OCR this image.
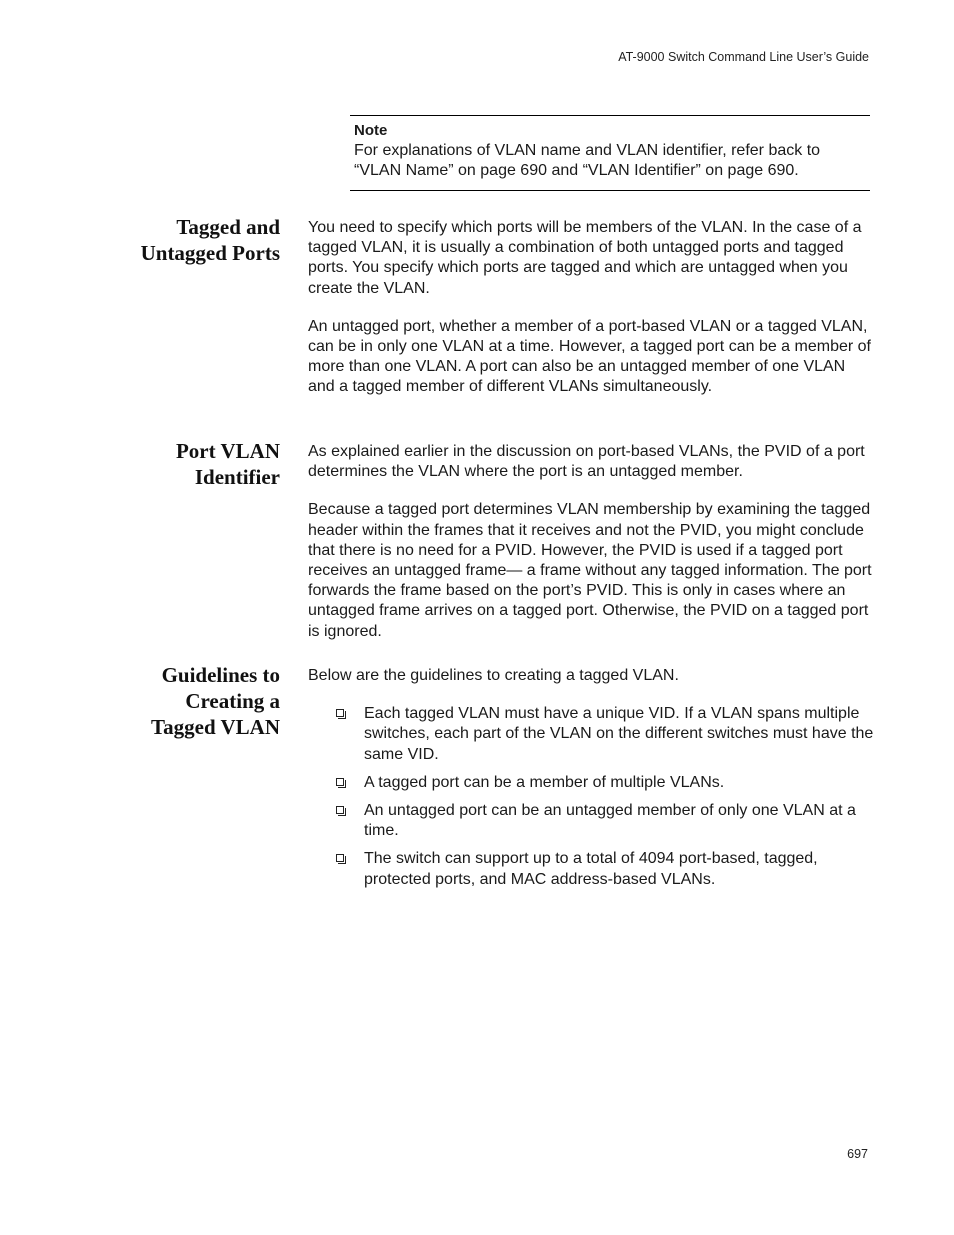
AT-9000 Switch Command Line User’s Guide
Note
For explanations of VLAN name and VLAN identifier, refer back to “VLAN Name” on page 690 and “VLAN Identifier” on page 690.
Tagged and
Untagged Ports

You need to specify which ports will be members of the VLAN. In the case of a tagged VLAN, it is usually a combination of both untagged ports and tagged ports. You specify which ports are tagged and which are untagged when you create the VLAN.

An untagged port, whether a member of a port-based VLAN or a tagged VLAN, can be in only one VLAN at a time. However, a tagged port can be a member of more than one VLAN. A port can also be an untagged member of one VLAN and a tagged member of different VLANs simultaneously.

Port VLAN
Identifier

As explained earlier in the discussion on port-based VLANs, the PVID of a port determines the VLAN where the port is an untagged member.

Because a tagged port determines VLAN membership by examining the tagged header within the frames that it receives and not the PVID, you might conclude that there is no need for a PVID. However, the PVID is used if a tagged port receives an untagged frame— a frame without any tagged information. The port forwards the frame based on the port’s PVID. This is only in cases where an untagged frame arrives on a tagged port. Otherwise, the PVID on a tagged port is ignored.

Guidelines to
Creating a
Tagged VLAN

Below are the guidelines to creating a tagged VLAN.

Each tagged VLAN must have a unique VID. If a VLAN spans multiple switches, each part of the VLAN on the different switches must have the same VID.
A tagged port can be a member of multiple VLANs.
An untagged port can be an untagged member of only one VLAN at a time.
The switch can support up to a total of 4094 port-based, tagged, protected ports, and MAC address-based VLANs.
697
